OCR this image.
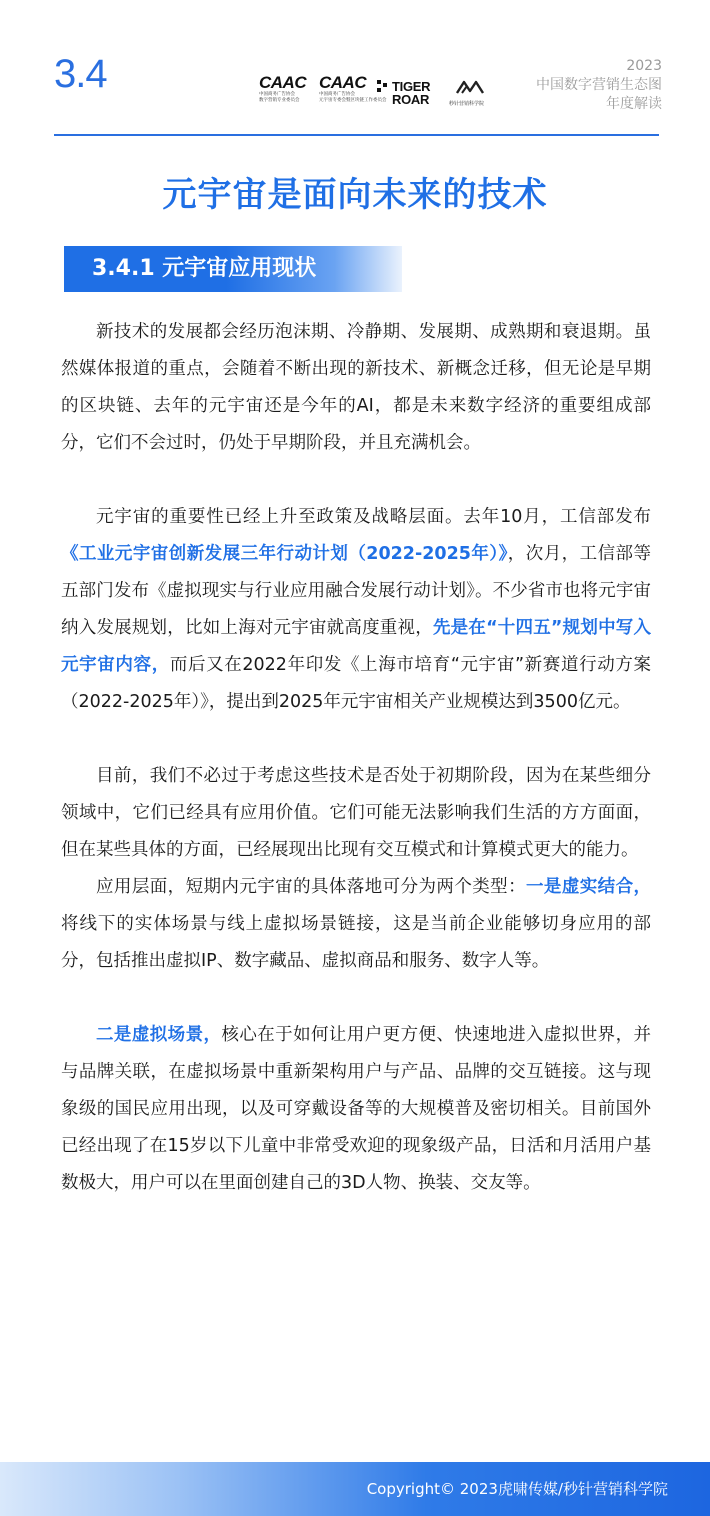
3.4	CAAC
中国商务广告协会
数字营销专业委员会
CAAC
中国商务广告协会
元宇宙专委会暨区块链工作委员会
TIGER
ROAR	秒针营销科学院
2023
中国数字营销生态图
年度解读
元宇宙是面向未来的技术
3.4.1 元宇宙应用现状

新技术的发展都会经历泡沫期、冷静期、发展期、成熟期和衰退期。虽然媒体报道的重点，会随着不断出现的新技术、新概念迁移，但无论是早期的区块链、去年的元宇宙还是今年的AI，都是未来数字经济的重要组成部分，它们不会过时，仍处于早期阶段，并且充满机会。

元宇宙的重要性已经上升至政策及战略层面。去年10月，工信部发布《工业元宇宙创新发展三年行动计划（2022-2025年）》，次月，工信部等五部门发布《虚拟现实与行业应用融合发展行动计划》。不少省市也将元宇宙纳入发展规划，比如上海对元宇宙就高度重视，先是在“十四五”规划中写入元宇宙内容，而后又在2022年印发《上海市培育“元宇宙”新赛道行动方案（2022-2025年）》，提出到2025年元宇宙相关产业规模达到3500亿元。

目前，我们不必过于考虑这些技术是否处于初期阶段，因为在某些细分领域中，它们已经具有应用价值。它们可能无法影响我们生活的方方面面，但在某些具体的方面，已经展现出比现有交互模式和计算模式更大的能力。

应用层面，短期内元宇宙的具体落地可分为两个类型：一是虚实结合，将线下的实体场景与线上虚拟场景链接，这是当前企业能够切身应用的部分，包括推出虚拟IP、数字藏品、虚拟商品和服务、数字人等。

二是虚拟场景，核心在于如何让用户更方便、快速地进入虚拟世界，并与品牌关联，在虚拟场景中重新架构用户与产品、品牌的交互链接。这与现象级的国民应用出现，以及可穿戴设备等的大规模普及密切相关。目前国外已经出现了在15岁以下儿童中非常受欢迎的现象级产品，日活和月活用户基数极大，用户可以在里面创建自己的3D人物、换装、交友等。

Copyright© 2023虎啸传媒/秒针营销科学院
